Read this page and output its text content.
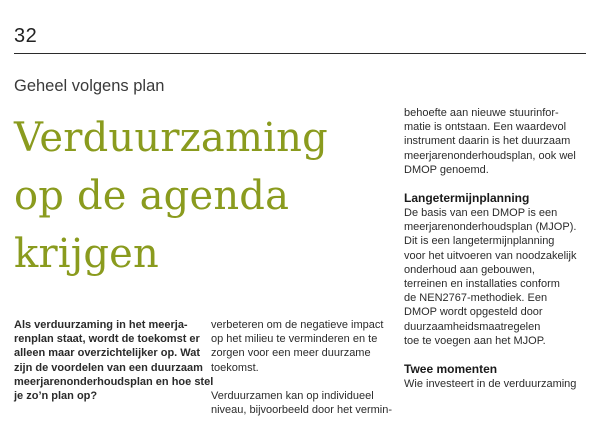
32
Geheel volgens plan
Verduurzaming
op de agenda
krijgen
Als verduurzaming in het meerja-
renplan staat, wordt de toekomst er
alleen maar overzichtelijker op. Wat
zijn de voordelen van een duurzaam
meerjarenonderhoudsplan en hoe stel
je zo’n plan op?
verbeteren om de negatieve impact
op het milieu te verminderen en te
zorgen voor een meer duurzame
toekomst.
Verduurzamen kan op individueel
niveau, bijvoorbeeld door het vermin-
behoefte aan nieuwe stuurinfor-
matie is ontstaan. Een waardevol
instrument daarin is het duurzaam
meerjarenonderhoudsplan, ook wel
DMOP genoemd.
Langetermijnplanning
De basis van een DMOP is een
meerjarenonderhoudsplan (MJOP).
Dit is een langetermijnplanning
voor het uitvoeren van noodzakelijk
onderhoud aan gebouwen,
terreinen en installaties conform
de NEN2767-methodiek. Een
DMOP wordt opgesteld door
duurzaamheidsmaatregelen
toe te voegen aan het MJOP.
Twee momenten
Wie investeert in de verduurzaming
